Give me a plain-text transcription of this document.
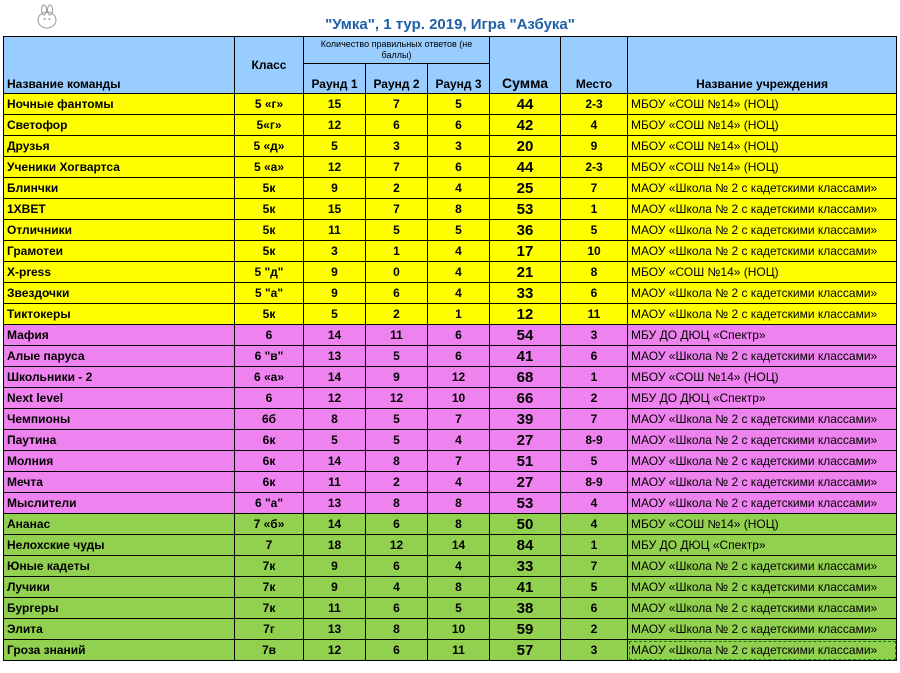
"Умка", 1 тур. 2019, Игра "Азбука"
Название команды	Класс	Количество правильных ответов (не баллы)			Сумма	Место	Название учреждения
		Раунд 1	Раунд 2	Раунд 3			
Ночные фантомы	5 «г»	15	7	5	44	2-3	МБОУ «СОШ №14» (НОЦ)
Светофор	5«г»	12	6	6	42	4	МБОУ «СОШ №14» (НОЦ)
Друзья	5 «д»	5	3	3	20	9	МБОУ «СОШ №14» (НОЦ)
Ученики Хогвартса	5 «а»	12	7	6	44	2-3	МБОУ «СОШ №14» (НОЦ)
Блинчки	5к	9	2	4	25	7	МАОУ «Школа № 2 с кадетскими классами»
1XBET	5к	15	7	8	53	1	МАОУ «Школа № 2 с кадетскими классами»
Отличники	5к	11	5	5	36	5	МАОУ «Школа № 2 с кадетскими классами»
Грамотеи	5к	3	1	4	17	10	МАОУ «Школа № 2 с кадетскими классами»
X-press	5 "д"	9	0	4	21	8	МБОУ «СОШ №14» (НОЦ)
Звездочки	5 "а"	9	6	4	33	6	МАОУ «Школа № 2 с кадетскими классами»
Тиктокеры	5к	5	2	1	12	11	МАОУ «Школа № 2 с кадетскими классами»
Мафия	6	14	11	6	54	3	МБУ ДО ДЮЦ «Спектр»
Алые паруса	6 "в"	13	5	6	41	6	МАОУ «Школа № 2 с кадетскими классами»
Школьники - 2	6 «а»	14	9	12	68	1	МБОУ «СОШ №14» (НОЦ)
Next level	6	12	12	10	66	2	МБУ ДО ДЮЦ «Спектр»
Чемпионы	6б	8	5	7	39	7	МАОУ «Школа № 2 с кадетскими классами»
Паутина	6к	5	5	4	27	8-9	МАОУ «Школа № 2 с кадетскими классами»
Молния	6к	14	8	7	51	5	МАОУ «Школа № 2 с кадетскими классами»
Мечта	6к	11	2	4	27	8-9	МАОУ «Школа № 2 с кадетскими классами»
Мыслители	6 "а"	13	8	8	53	4	МАОУ «Школа № 2 с кадетскими классами»
Ананас	7 «б»	14	6	8	50	4	МБОУ «СОШ №14» (НОЦ)
Нелохские чуды	7	18	12	14	84	1	МБУ ДО ДЮЦ «Спектр»
Юные кадеты	7к	9	6	4	33	7	МАОУ «Школа № 2 с кадетскими классами»
Лучики	7к	9	4	8	41	5	МАОУ «Школа № 2 с кадетскими классами»
Бургеры	7к	11	6	5	38	6	МАОУ «Школа № 2 с кадетскими классами»
Элита	7г	13	8	10	59	2	МАОУ «Школа № 2 с кадетскими классами»
Гроза знаний	7в	12	6	11	57	3	МАОУ «Школа № 2 с кадетскими классами»
